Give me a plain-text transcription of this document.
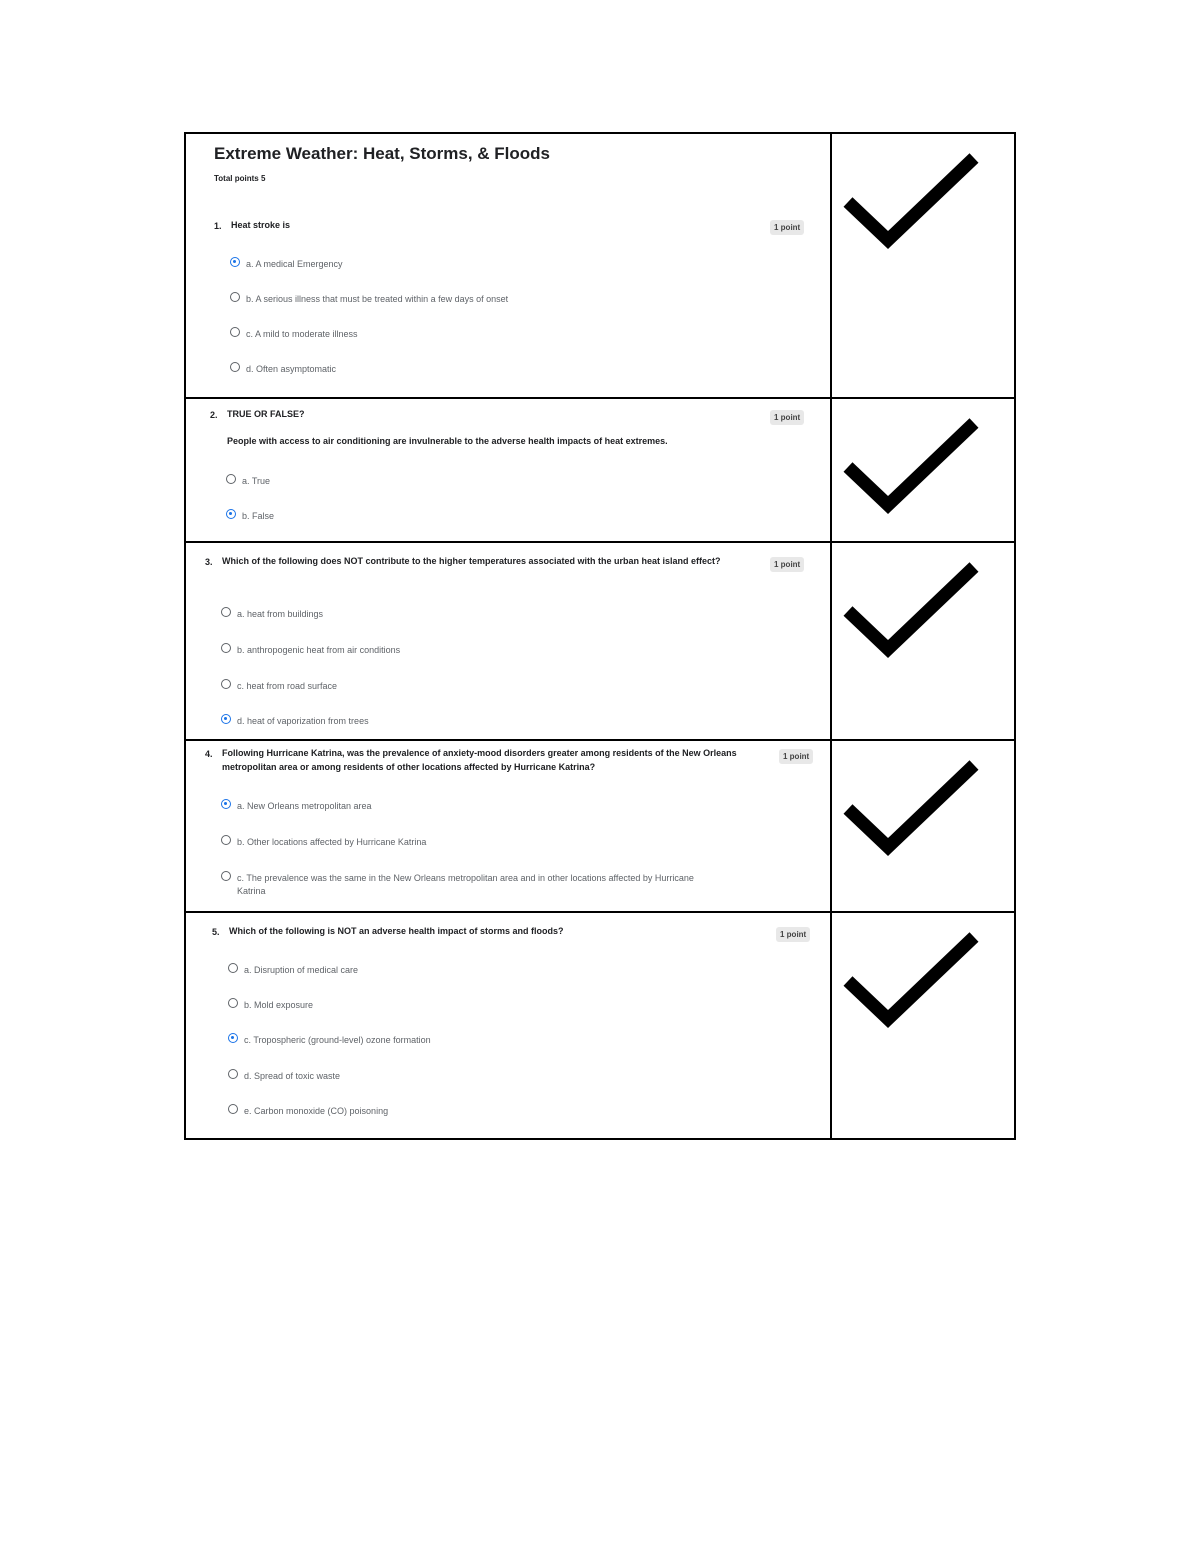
Extreme Weather: Heat, Storms, & Floods
Total points 5
1. Heat stroke is	1 point
a. A medical Emergency
b. A serious illness that must be treated within a few days of onset
c. A mild to moderate illness
d. Often asymptomatic
2. TRUE OR FALSE?
People with access to air conditioning are invulnerable to the adverse health impacts of heat extremes.
1 point
a. True
b. False
3. Which of the following does NOT contribute to the higher temperatures associated with the urban heat island effect?	1 point
a. heat from buildings
b. anthropogenic heat from air conditions
c. heat from road surface
d. heat of vaporization from trees
4. Following Hurricane Katrina, was the prevalence of anxiety-mood disorders greater among residents of the New Orleans metropolitan area or among residents of other locations affected by Hurricane Katrina?
1 point
a. New Orleans metropolitan area
b. Other locations affected by Hurricane Katrina
c. The prevalence was the same in the New Orleans metropolitan area and in other locations affected by Hurricane Katrina
5. Which of the following is NOT an adverse health impact of storms and floods?	1 point
a. Disruption of medical care
b. Mold exposure
c. Tropospheric (ground-level) ozone formation
d. Spread of toxic waste
e. Carbon monoxide (CO) poisoning
